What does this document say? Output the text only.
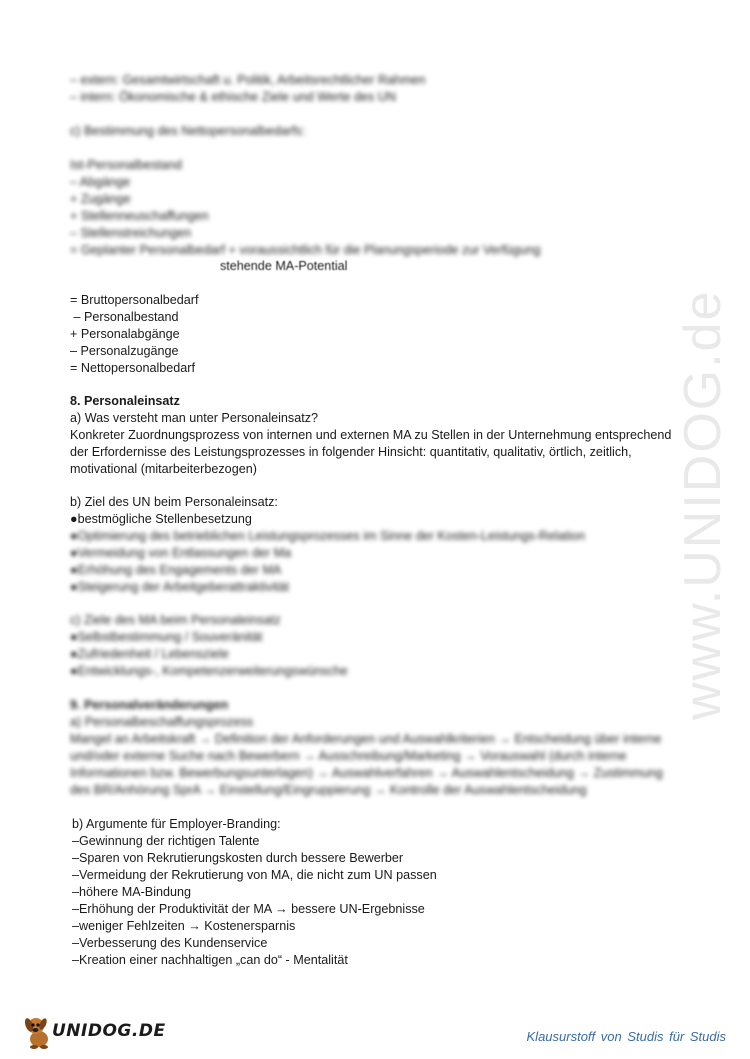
www.UNIDOG.de
– extern: Gesamtwirtschaft u. Politik, Arbeitsrechtlicher Rahmen
– intern: Ökonomische & ethische Ziele und Werte des UN
c) Bestimmung des Nettopersonalbedarfs:
Ist-Personalbestand
– Abgänge
+ Zugänge
+ Stellenneuschaffungen
– Stellenstreichungen
= Geplanter Personalbedarf + voraussichtlich für die Planungsperiode zur Verfügung
stehende MA-Potential
= Bruttopersonalbedarf
– Personalbestand
+ Personalabgänge
– Personalzugänge
= Nettopersonalbedarf
8. Personaleinsatz
a) Was versteht man unter Personaleinsatz?
Konkreter Zuordnungsprozess von internen und externen MA zu Stellen in der Unternehmung entsprechend der Erfordernisse des Leistungsprozesses in folgender Hinsicht: quantitativ, qualitativ, örtlich, zeitlich, motivational (mitarbeiterbezogen)
b) Ziel des UN beim Personaleinsatz:
●bestmögliche Stellenbesetzung
●Optimierung des betrieblichen Leistungsprozesses im Sinne der Kosten-Leistungs-Relation
●Vermeidung von Entlassungen der Ma
●Erhöhung des Engagements der MA
●Steigerung der Arbeitgeberattraktivität
c) Ziele des MA beim Personaleinsatz
●Selbstbestimmung / Souveränität
●Zufriedenheit / Lebensziele
●Entwicklungs-, Kompetenzerweiterungswünsche
9. Personalveränderungen
a) Personalbeschaffungsprozess
Mangel an Arbeitskraft → Definition der Anforderungen und Auswahlkriterien → Entscheidung über interne
und/oder externe Suche nach Bewerbern → Ausschreibung/Marketing → Vorauswahl (durch interne
Informationen bzw. Bewerbungsunterlagen) → Auswahlverfahren → Auswahlentscheidung → Zustimmung
des BR/Anhörung SprA → Einstellung/Eingruppierung → Kontrolle der Auswahlentscheidung
b) Argumente für Employer-Branding:
–Gewinnung der richtigen Talente
–Sparen von Rekrutierungskosten durch bessere Bewerber
–Vermeidung der Rekrutierung von MA, die nicht zum UN passen
–höhere MA-Bindung
–Erhöhung der Produktivität der MA → bessere UN-Ergebnisse
–weniger Fehlzeiten → Kostenersparnis
–Verbesserung des Kundenservice
–Kreation einer nachhaltigen „can do“ - Mentalität
UNIDOG.DE	Klausurstoff von Studis für Studis
